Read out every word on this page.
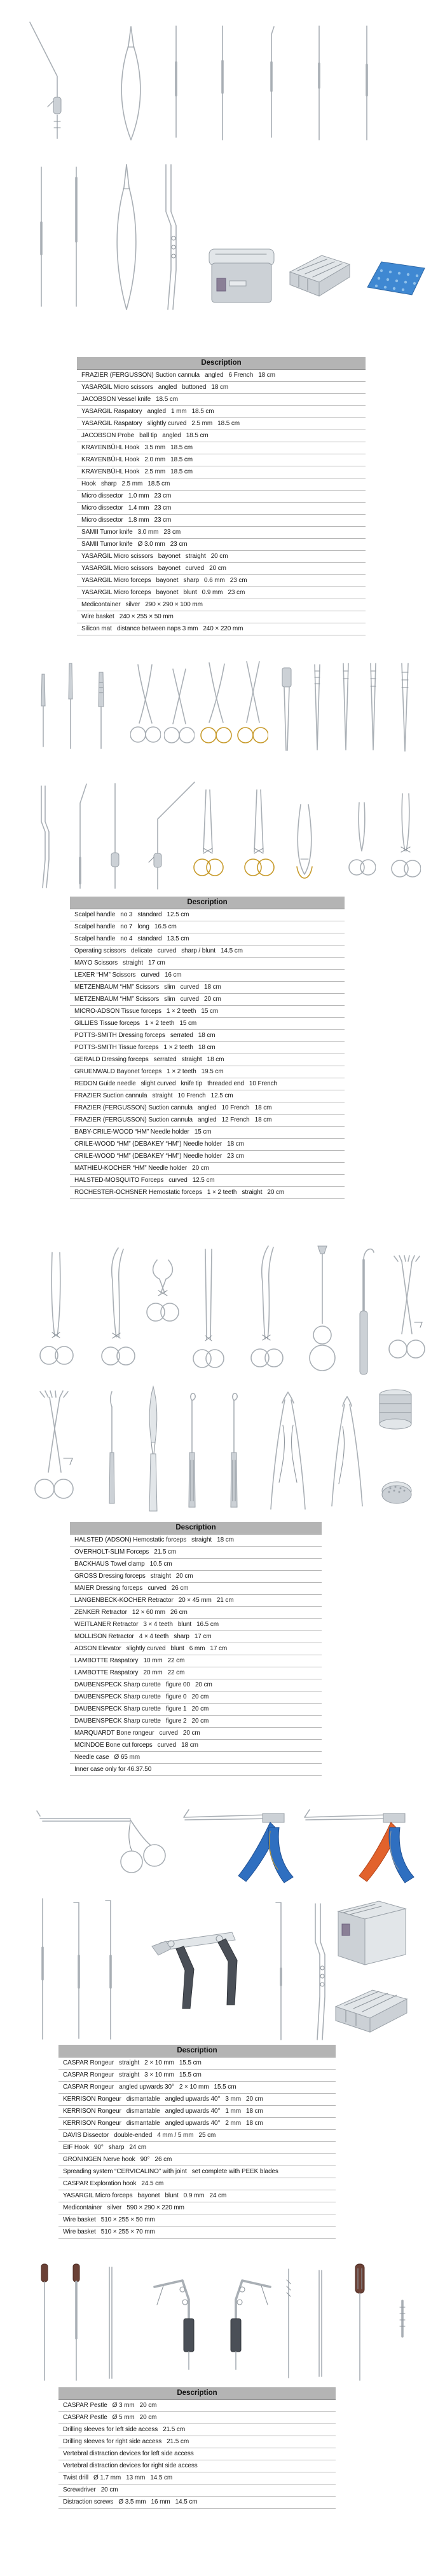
Description
FRAZIER (FERGUSSON) Suction cannula   angled   6 French   18 cm
YASARGIL Micro scissors   angled   buttoned   18 cm
JACOBSON Vessel knife   18.5 cm
YASARGIL Raspatory   angled   1 mm   18.5 cm
YASARGIL Raspatory   slightly curved   2.5 mm   18.5 cm
JACOBSON Probe   ball tip   angled   18.5 cm
KRAYENBÜHL Hook   3.5 mm   18.5 cm
KRAYENBÜHL Hook   2.0 mm   18.5 cm
KRAYENBÜHL Hook   2.5 mm   18.5 cm
Hook   sharp   2.5 mm   18.5 cm
Micro dissector   1.0 mm   23 cm
Micro dissector   1.4 mm   23 cm
Micro dissector   1.8 mm   23 cm
SAMII Tumor knife   3.0 mm   23 cm
SAMII Tumor knife   Ø 3.0 mm   23 cm
YASARGIL Micro scissors   bayonet   straight   20 cm
YASARGIL Micro scissors   bayonet   curved   20 cm
YASARGIL Micro forceps   bayonet   sharp   0.6 mm   23 cm
YASARGIL Micro forceps   bayonet   blunt   0.9 mm   23 cm
Medicontainer   silver   290 × 290 × 100 mm
Wire basket   240 × 255 × 50 mm
Silicon mat   distance between naps 3 mm   240 × 220 mm
Description
Scalpel handle   no 3   standard   12.5 cm
Scalpel handle   no 7   long   16.5 cm
Scalpel handle   no 4   standard   13.5 cm
Operating scissors   delicate   curved   sharp / blunt   14.5 cm
MAYO Scissors   straight   17 cm
LEXER “HM” Scissors   curved   16 cm
METZENBAUM “HM” Scissors   slim   curved   18 cm
METZENBAUM “HM” Scissors   slim   curved   20 cm
MICRO-ADSON Tissue forceps   1 × 2 teeth   15 cm
GILLIES Tissue forceps   1 × 2 teeth   15 cm
POTTS-SMITH Dressing forceps   serrated   18 cm
POTTS-SMITH Tissue forceps   1 × 2 teeth   18 cm
GERALD Dressing forceps   serrated   straight   18 cm
GRUENWALD Bayonet forceps   1 × 2 teeth   19.5 cm
REDON Guide needle   slight curved   knife tip   threaded end   10 French
FRAZIER Suction cannula   straight   10 French   12.5 cm
FRAZIER (FERGUSSON) Suction cannula   angled   10 French   18 cm
FRAZIER (FERGUSSON) Suction cannula   angled   12 French   18 cm
BABY-CRILE-WOOD “HM” Needle holder   15 cm
CRILE-WOOD “HM” (DEBAKEY “HM”) Needle holder   18 cm
CRILE-WOOD “HM” (DEBAKEY “HM”) Needle holder   23 cm
MATHIEU-KOCHER “HM” Needle holder   20 cm
HALSTED-MOSQUITO Forceps   curved   12.5 cm
ROCHESTER-OCHSNER Hemostatic forceps   1 × 2 teeth   straight   20 cm
Description
HALSTED (ADSON) Hemostatic forceps   straight   18 cm
OVERHOLT-SLIM Forceps   21.5 cm
BACKHAUS Towel clamp   10.5 cm
GROSS Dressing forceps   straight   20 cm
MAIER Dressing forceps   curved   26 cm
LANGENBECK-KOCHER Retractor   20 × 45 mm   21 cm
ZENKER Retractor   12 × 60 mm   26 cm
WEITLANER Retractor   3 × 4 teeth   blunt   16.5 cm
MOLLISON Retractor   4 × 4 teeth   sharp   17 cm
ADSON Elevator   slightly curved   blunt   6 mm   17 cm
LAMBOTTE Raspatory   10 mm   22 cm
LAMBOTTE Raspatory   20 mm   22 cm
DAUBENSPECK Sharp curette   figure 00   20 cm
DAUBENSPECK Sharp curette   figure 0   20 cm
DAUBENSPECK Sharp curette   figure 1   20 cm
DAUBENSPECK Sharp curette   figure 2   20 cm
MARQUARDT Bone rongeur   curved   20 cm
MCINDOE Bone cut forceps   curved   18 cm
Needle case   Ø 65 mm
Inner case only for 46.37.50
Description
CASPAR Rongeur   straight   2 × 10 mm   15.5 cm
CASPAR Rongeur   straight   3 × 10 mm   15.5 cm
CASPAR Rongeur   angled upwards 30°   2 × 10 mm   15.5 cm
KERRISON Rongeur   dismantable   angled upwards 40°   3 mm   20 cm
KERRISON Rongeur   dismantable   angled upwards 40°   1 mm   18 cm
KERRISON Rongeur   dismantable   angled upwards 40°   2 mm   18 cm
DAVIS Dissector   double-ended   4 mm / 5 mm   25 cm
EIF Hook   90°   sharp   24 cm
GRONINGEN Nerve hook   90°   26 cm
Spreading system “CERVICALINO” with joint   set complete with PEEK blades
CASPAR Exploration hook   24.5 cm
YASARGIL Micro forceps   bayonet   blunt   0.9 mm   24 cm
Medicontainer   silver   590 × 290 × 220 mm
Wire basket   510 × 255 × 50 mm
Wire basket   510 × 255 × 70 mm
Description
CASPAR Pestle   Ø 3 mm   20 cm
CASPAR Pestle   Ø 5 mm   20 cm
Drilling sleeves for left side access   21.5 cm
Drilling sleeves for right side access   21.5 cm
Vertebral distraction devices for left side access
Vertebral distraction devices for right side access
Twist drill   Ø 1.7 mm   13 mm   14.5 cm
Screwdriver   20 cm
Distraction screws   Ø 3.5 mm   16 mm   14.5 cm
